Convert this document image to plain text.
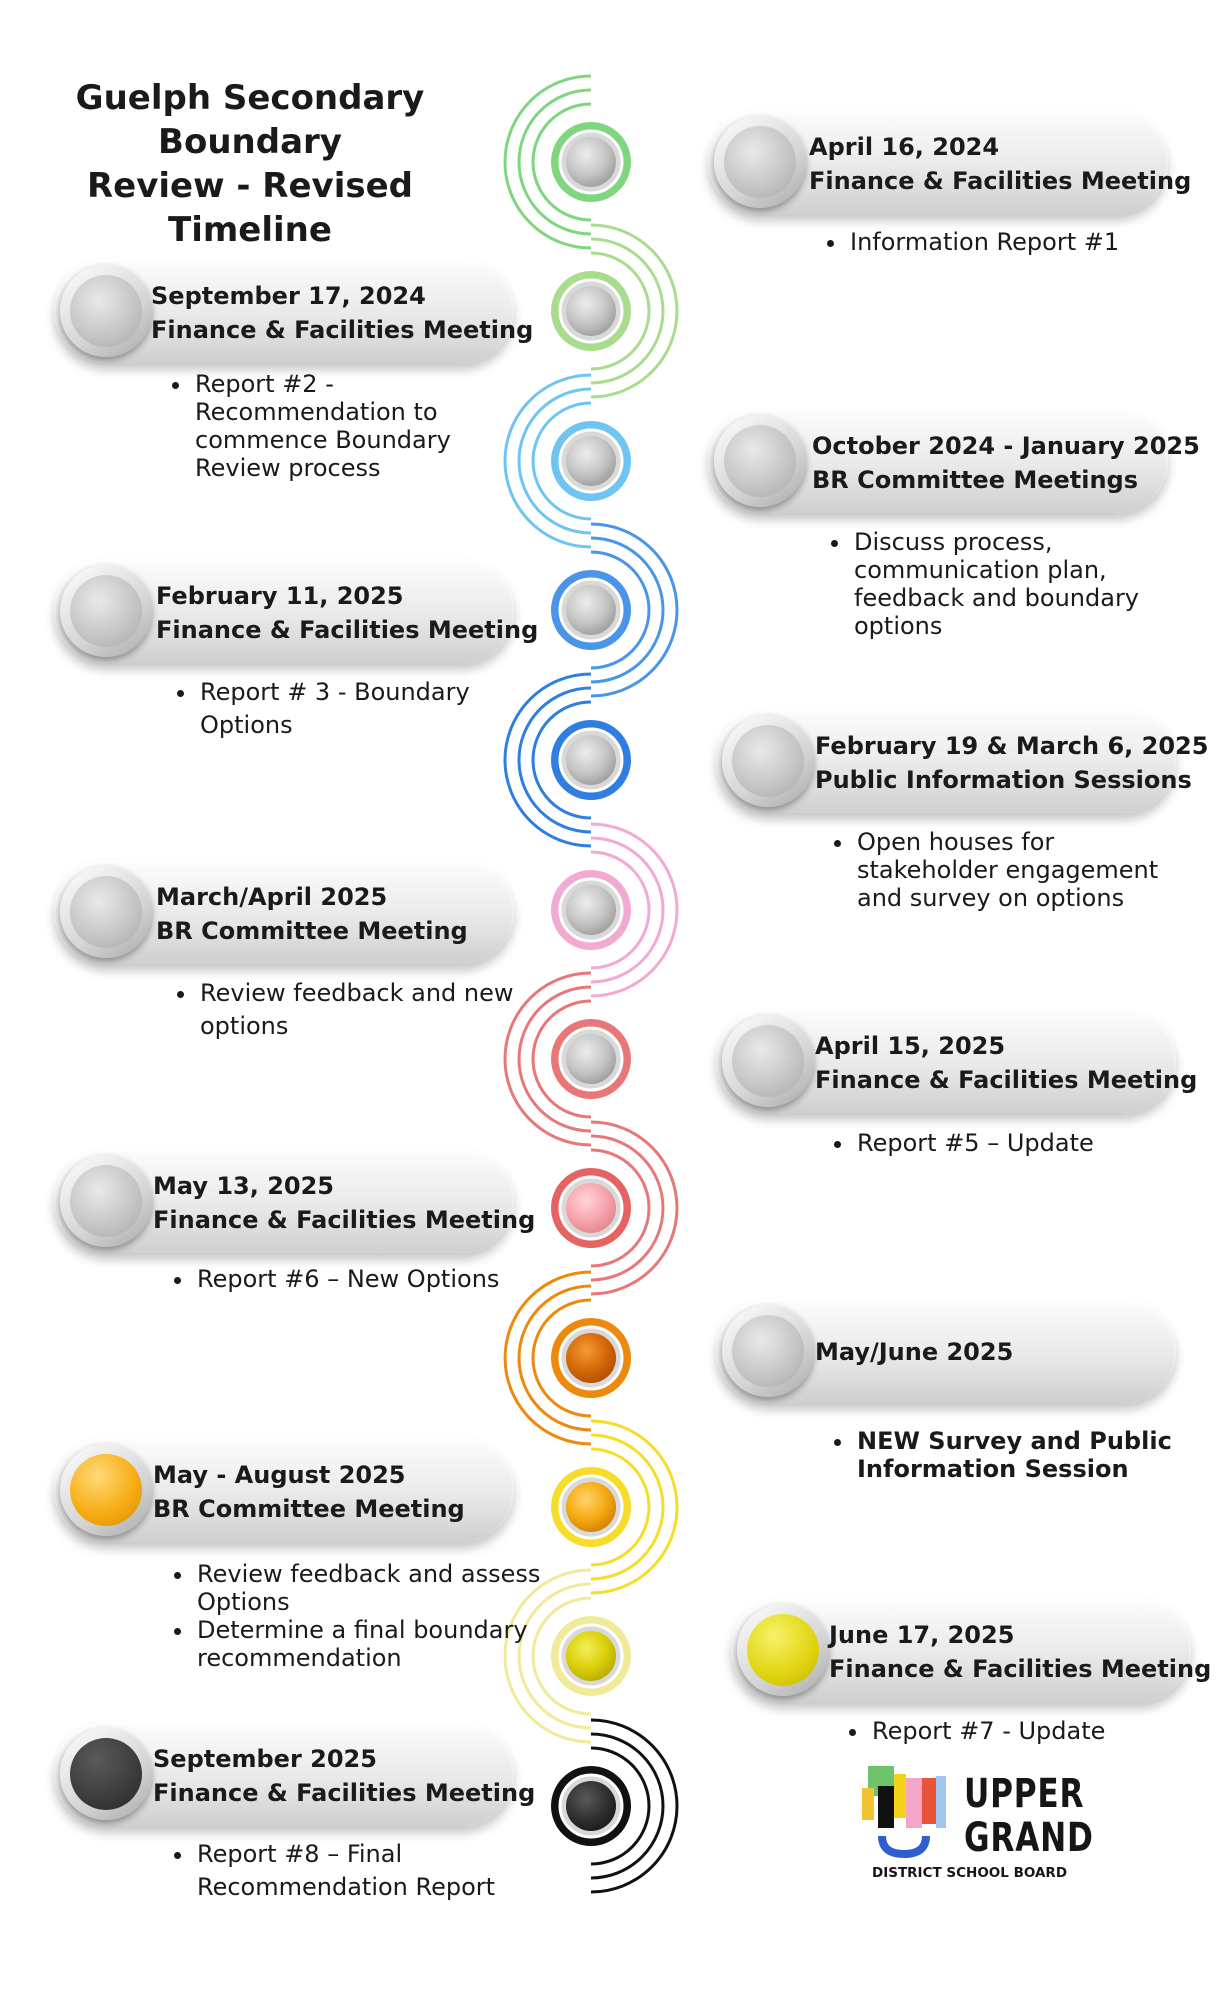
Guelph Secondary Boundary
Review - Revised Timeline
April 16, 2024
Finance & Facilities Meeting
• Information Report #1
September 17, 2024
Finance & Facilities Meeting
• Report #2 - Recommendation to commence Boundary Review process
October 2024 - January 2025
BR Committee Meetings
• Discuss process, communication plan, feedback and boundary options
February 11, 2025
Finance & Facilities Meeting
• Report # 3 - Boundary Options
February 19 & March 6, 2025
Public Information Sessions
• Open houses for stakeholder engagement and survey on options
March/April 2025
BR Committee Meeting
• Review feedback and new options
April 15, 2025
Finance & Facilities Meeting
• Report #5 – Update
May 13, 2025
Finance & Facilities Meeting
• Report #6 – New Options
May/June 2025
• NEW Survey and Public Information Session
May - August 2025
BR Committee Meeting
• Review feedback and assess Options
• Determine a final boundary recommendation
June 17, 2025
Finance & Facilities Meeting
• Report #7 - Update
September 2025
Finance & Facilities Meeting
• Report #8 – Final Recommendation Report
UPPER
GRAND
DISTRICT SCHOOL BOARD
